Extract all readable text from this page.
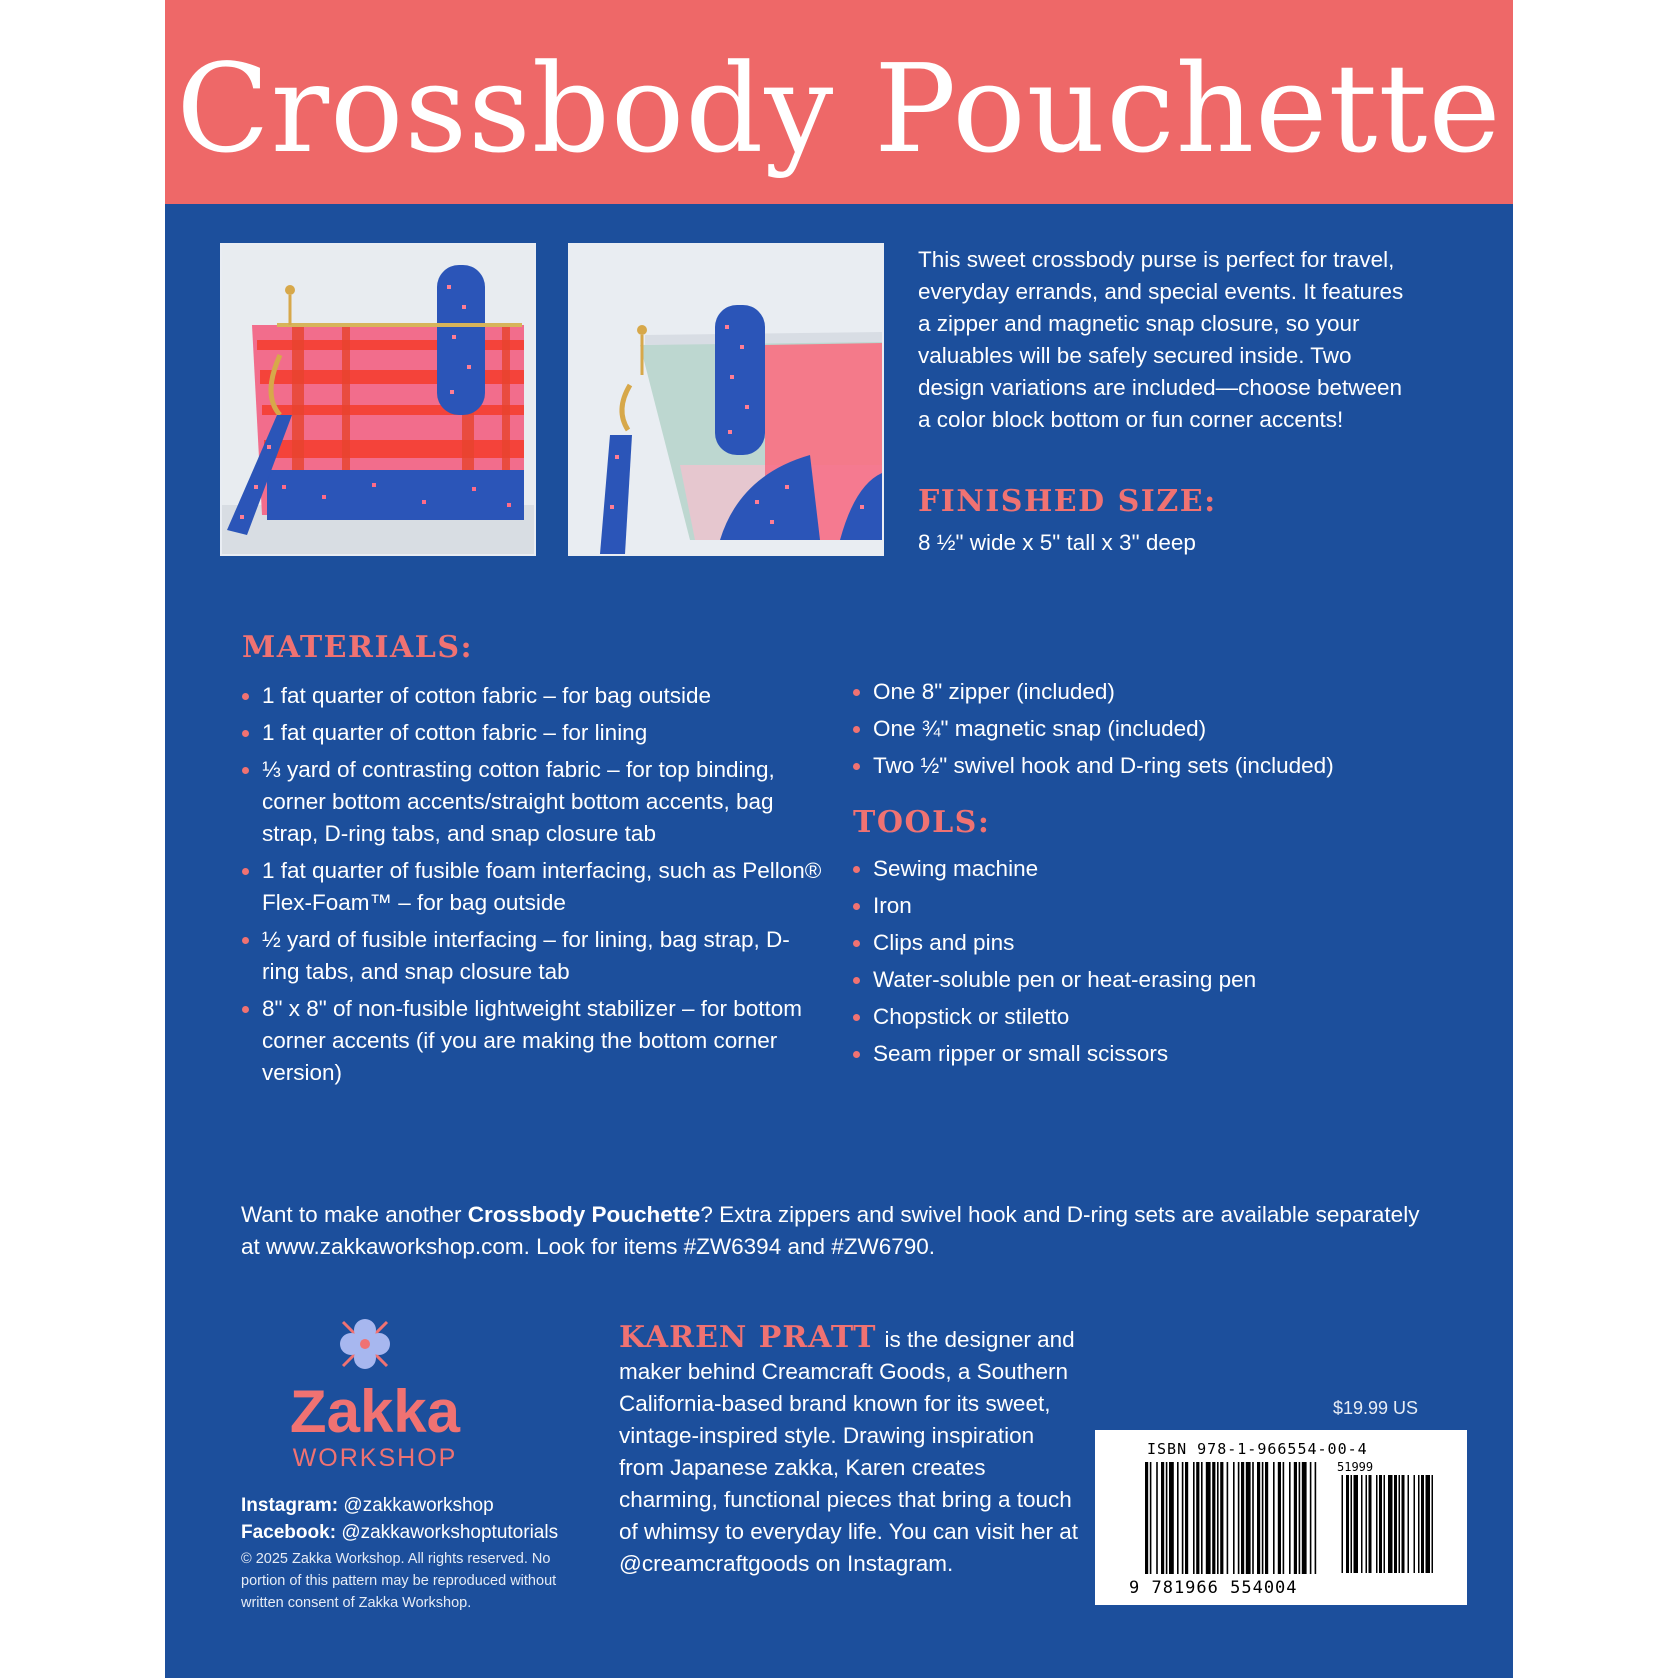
Crossbody Pouchette
This sweet crossbody purse is perfect for travel, everyday errands, and special events. It features a zipper and magnetic snap closure, so your valuables will be safely secured inside. Two design variations are included—choose between a color block bottom or fun corner accents!
FINISHED SIZE:
8 ½" wide x 5" tall x 3" deep
MATERIALS:
1 fat quarter of cotton fabric – for bag outside
1 fat quarter of cotton fabric – for lining
⅓ yard of contrasting cotton fabric – for top binding, corner bottom accents/straight bottom accents, bag strap, D-ring tabs, and snap closure tab
1 fat quarter of fusible foam interfacing, such as Pellon® Flex-Foam™ – for bag outside
½ yard of fusible interfacing – for lining, bag strap, D-ring tabs, and snap closure tab
8" x 8" of non-fusible lightweight stabilizer – for bottom corner accents (if you are making the bottom corner version)
One 8" zipper (included)
One ¾" magnetic snap (included)
Two ½" swivel hook and D-ring sets (included)
TOOLS:
Sewing machine
Iron
Clips and pins
Water-soluble pen or heat-erasing pen
Chopstick or stiletto
Seam ripper or small scissors
Want to make another Crossbody Pouchette? Extra zippers and swivel hook and D-ring sets are available separately at www.zakkaworkshop.com. Look for items #ZW6394 and #ZW6790.
Zakka
WORKSHOP
Instagram: @zakkaworkshop
Facebook: @zakkaworkshoptutorials
© 2025 Zakka Workshop. All rights reserved. No portion of this pattern may be reproduced without written consent of Zakka Workshop.
KAREN PRATT is the designer and maker behind Creamcraft Goods, a Southern California-based brand known for its sweet, vintage-inspired style. Drawing inspiration from Japanese zakka, Karen creates charming, functional pieces that bring a touch of whimsy to everyday life. You can visit her at @creamcraftgoods on Instagram.
$19.99 US
ISBN 978-1-966554-00-4
51999
9 781966 554004
